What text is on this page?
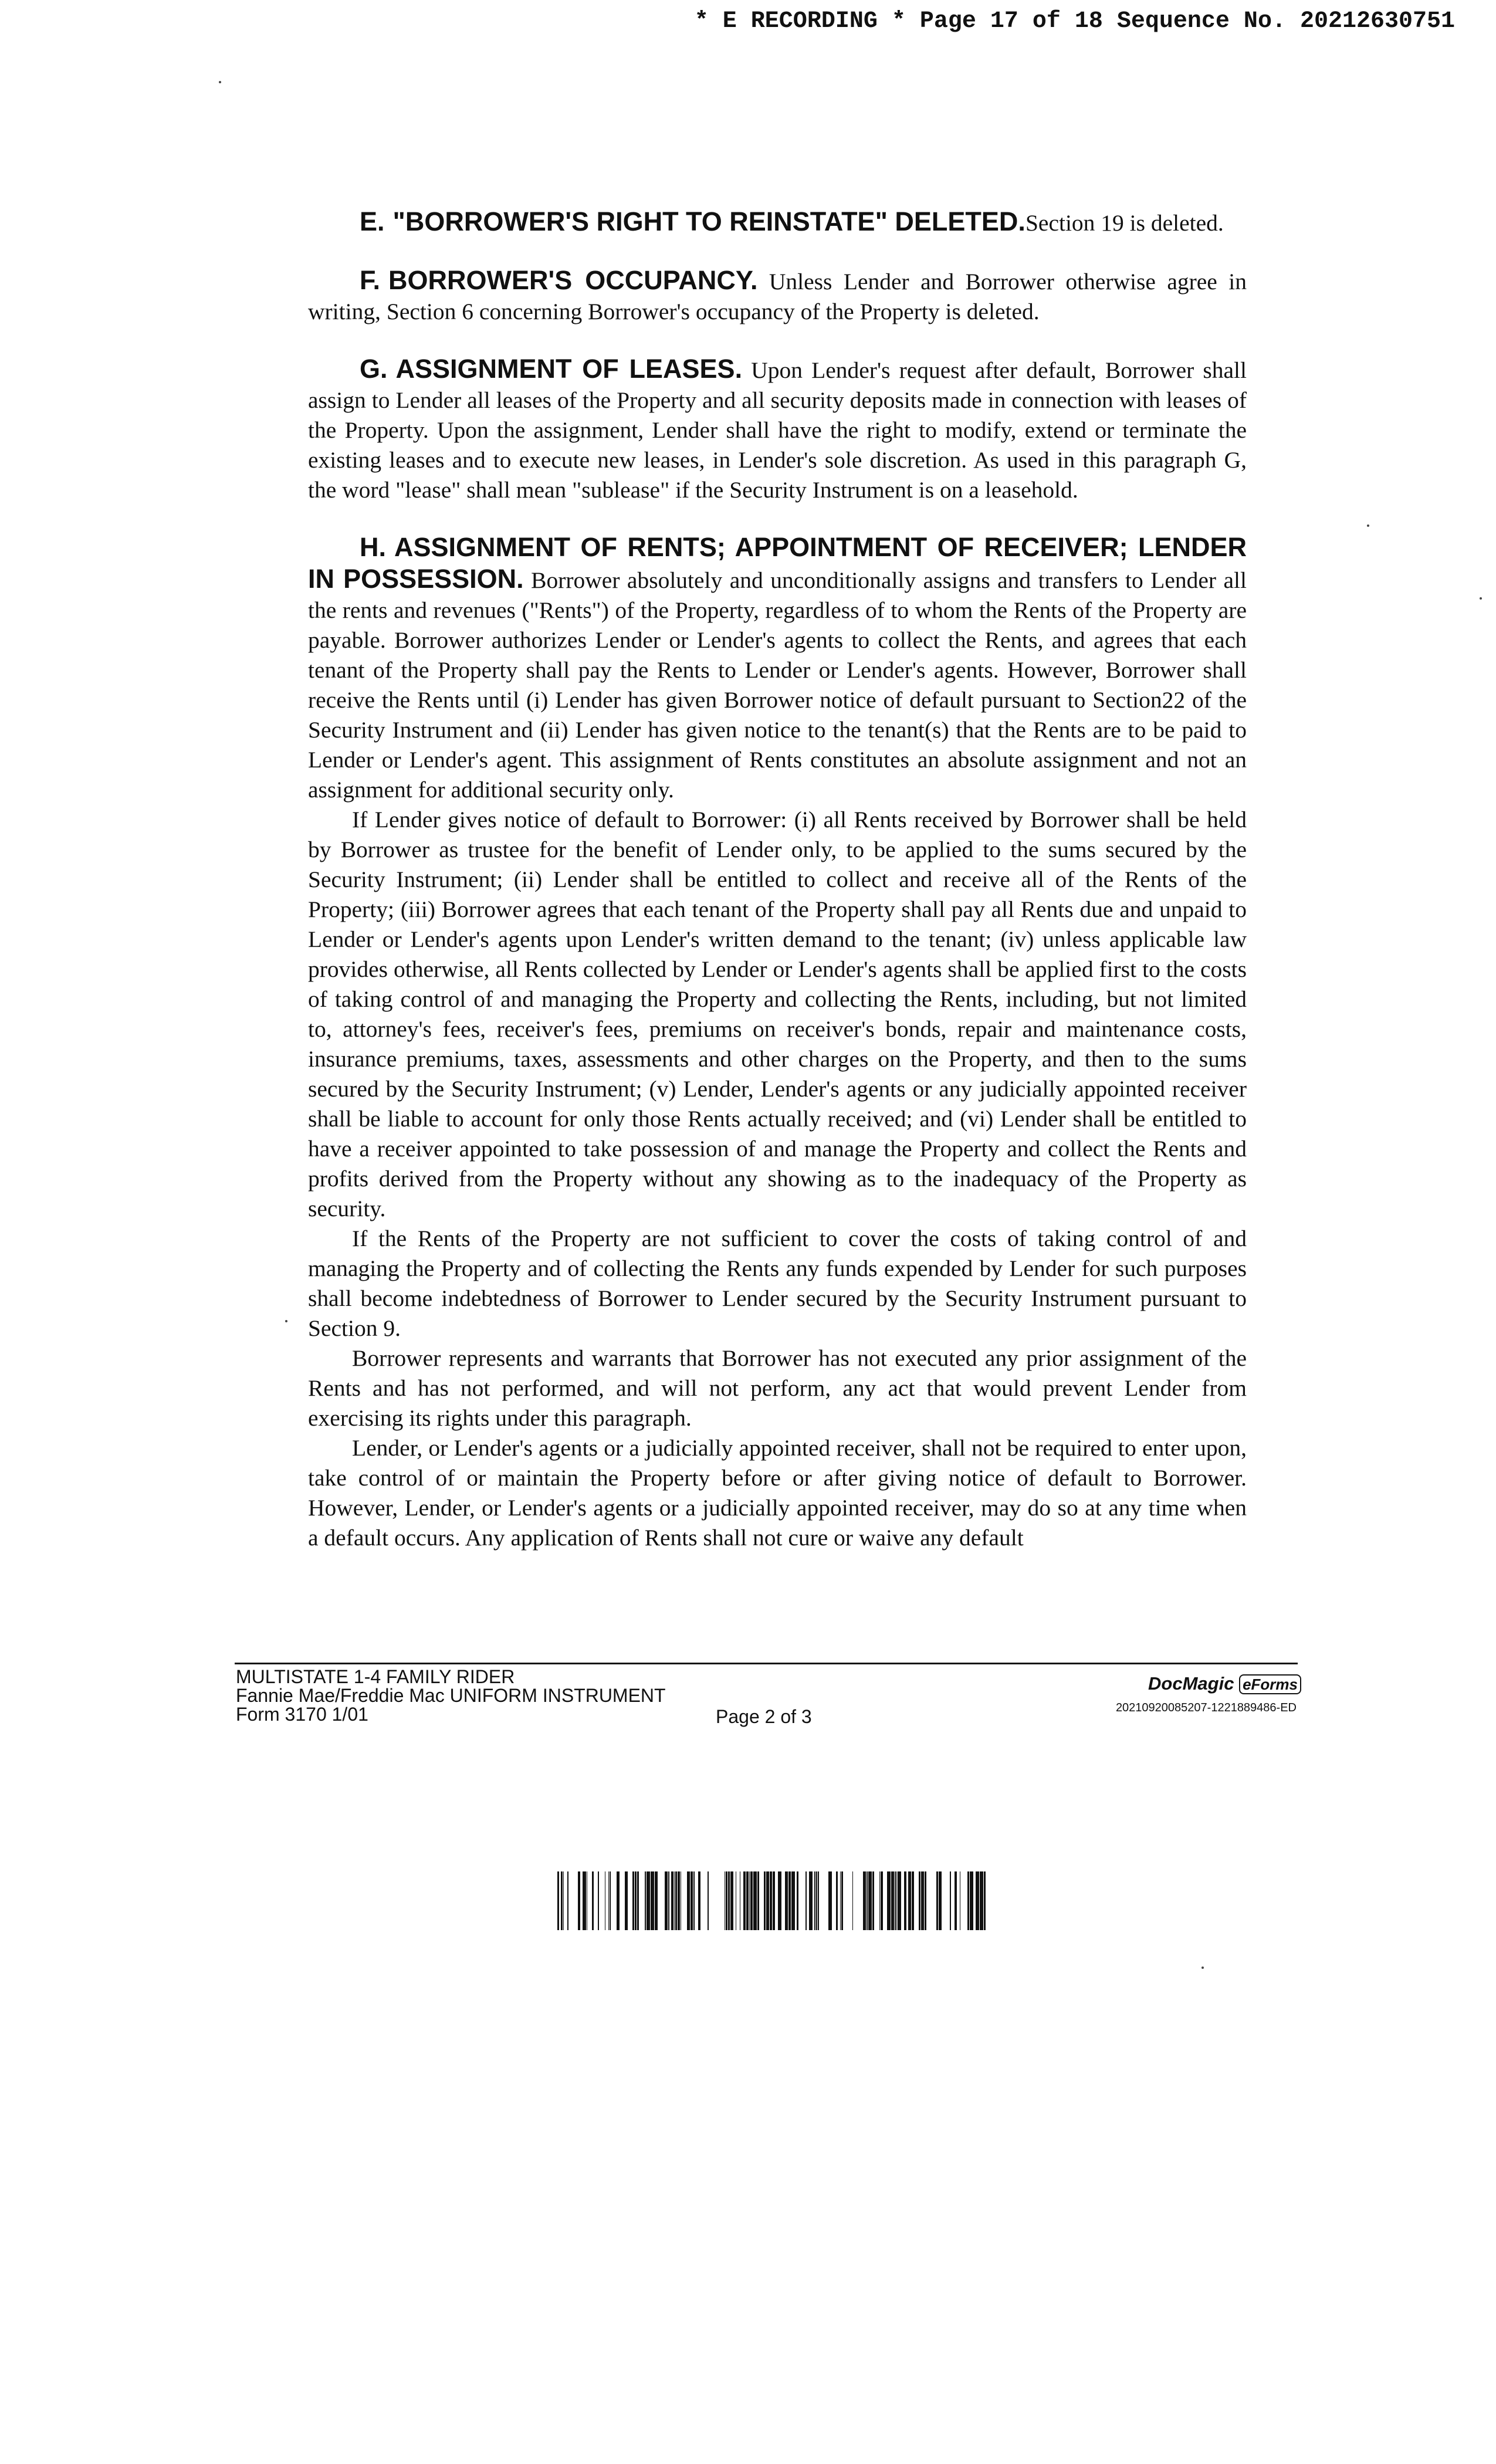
* E RECORDING * Page 17 of 18 Sequence No. 20212630751
E. "BORROWER'S RIGHT TO REINSTATE" DELETED.Section 19 is deleted.
F. BORROWER'S OCCUPANCY. Unless Lender and Borrower otherwise agree in writing, Section 6 concerning Borrower's occupancy of the Property is deleted.
G. ASSIGNMENT OF LEASES. Upon Lender's request after default, Borrower shall assign to Lender all leases of the Property and all security deposits made in connection with leases of the Property. Upon the assignment, Lender shall have the right to modify, extend or terminate the existing leases and to execute new leases, in Lender's sole discretion. As used in this paragraph G, the word "lease" shall mean "sublease" if the Security Instrument is on a leasehold.

H. ASSIGNMENT OF RENTS; APPOINTMENT OF RECEIVER; LENDER IN POSSESSION. Borrower absolutely and unconditionally assigns and transfers to Lender all the rents and revenues ("Rents") of the Property, regardless of to whom the Rents of the Property are payable. Borrower authorizes Lender or Lender's agents to collect the Rents, and agrees that each tenant of the Property shall pay the Rents to Lender or Lender's agents. However, Borrower shall receive the Rents until (i) Lender has given Borrower notice of default pursuant to Section22 of the Security Instrument and (ii) Lender has given notice to the tenant(s) that the Rents are to be paid to Lender or Lender's agent. This assignment of Rents constitutes an absolute assignment and not an assignment for additional security only.

If Lender gives notice of default to Borrower: (i) all Rents received by Borrower shall be held by Borrower as trustee for the benefit of Lender only, to be applied to the sums secured by the Security Instrument; (ii) Lender shall be entitled to collect and receive all of the Rents of the Property; (iii) Borrower agrees that each tenant of the Property shall pay all Rents due and unpaid to Lender or Lender's agents upon Lender's written demand to the tenant; (iv) unless applicable law provides otherwise, all Rents collected by Lender or Lender's agents shall be applied first to the costs of taking control of and managing the Property and collecting the Rents, including, but not limited to, attorney's fees, receiver's fees, premiums on receiver's bonds, repair and maintenance costs, insurance premiums, taxes, assessments and other charges on the Property, and then to the sums secured by the Security Instrument; (v) Lender, Lender's agents or any judicially appointed receiver shall be liable to account for only those Rents actually received; and (vi) Lender shall be entitled to have a receiver appointed to take possession of and manage the Property and collect the Rents and profits derived from the Property without any showing as to the inadequacy of the Property as security.

If the Rents of the Property are not sufficient to cover the costs of taking control of and managing the Property and of collecting the Rents any funds expended by Lender for such purposes shall become indebtedness of Borrower to Lender secured by the Security Instrument pursuant to Section 9.

Borrower represents and warrants that Borrower has not executed any prior assignment of the Rents and has not performed, and will not perform, any act that would prevent Lender from exercising its rights under this paragraph.

Lender, or Lender's agents or a judicially appointed receiver, shall not be required to enter upon, take control of or maintain the Property before or after giving notice of default to Borrower. However, Lender, or Lender's agents or a judicially appointed receiver, may do so at any time when a default occurs. Any application of Rents shall not cure or waive any default

MULTISTATE 1-4 FAMILY RIDER
Fannie Mae/Freddie Mac UNIFORM INSTRUMENT
Form 3170 1/01	Page 2 of 3
DocMagic eForms
20210920085207-1221889486-ED
